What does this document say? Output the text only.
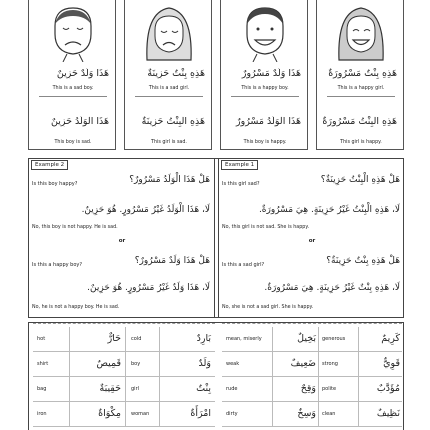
هَذَا وَلَدٌ حَزِينٌ
This is a sad boy.
هَذَا الْوَلَدُ حَزِينٌ
This boy is sad.
هَذِهِ بِنْتٌ حَزِينَةٌ
This is a sad girl.
هَذِهِ الْبِنْتُ حَزِينَةٌ
This girl is sad.
هَذَا وَلَدٌ مَسْرُورٌ
This is a happy boy.
هَذَا الْوَلَدُ مَسْرُورٌ
This boy is happy.
هَذِهِ بِنْتٌ مَسْرُورَةٌ
This is a happy girl.
هَذِهِ الْبِنْتُ مَسْرُورَةٌ
This girl is happy.
Example 2
Is this boy happy?	هَلْ هَذَا الْوَلَدُ مَسْرُورٌ؟
لَا، هَذَا الْوَلَدُ غَيْرُ مَسْرُورٍ. هُوَ حَزِينٌ.
No, this boy is not happy. He is sad.
or
Is this a happy boy?	هَلْ هَذَا وَلَدٌ مَسْرُورٌ؟
لَا، هَذَا وَلَدٌ غَيْرُ مَسْرُورٍ. هُوَ حَزِينٌ.
No, he is not a happy boy. He is sad.
Example 1
Is this girl sad?	هَلْ هَذِهِ الْبِنْتُ حَزِينَةٌ؟
لَا، هَذِهِ الْبِنْتُ غَيْرُ حَزِينَةٍ. هِيَ مَسْرُورَةٌ.
No, this girl is not sad. She is happy.
or
Is this a sad girl?	هَلْ هَذِهِ بِنْتٌ حَزِينَةٌ؟
لَا، هَذِهِ بِنْتٌ غَيْرُ حَزِينَةٍ. هِيَ مَسْرُورَةٌ.
No, she is not a sad girl. She is happy.
hot	حَارٌّ cold	بَارِدٌ
shirt	قَمِيصٌ boy	وَلَدٌ
bag	حَقِيبَةٌ girl	بِنْتٌ
iron	مِكْوَاةٌ woman	امْرَأَةٌ
mean, miserly	بَخِيلٌ generous	كَرِيمٌ
weak	ضَعِيفٌ strong	قَوِيٌّ
rude	وَقِحٌ polite	مُؤَدَّبٌ
dirty	وَسِخٌ clean	نَظِيفٌ
